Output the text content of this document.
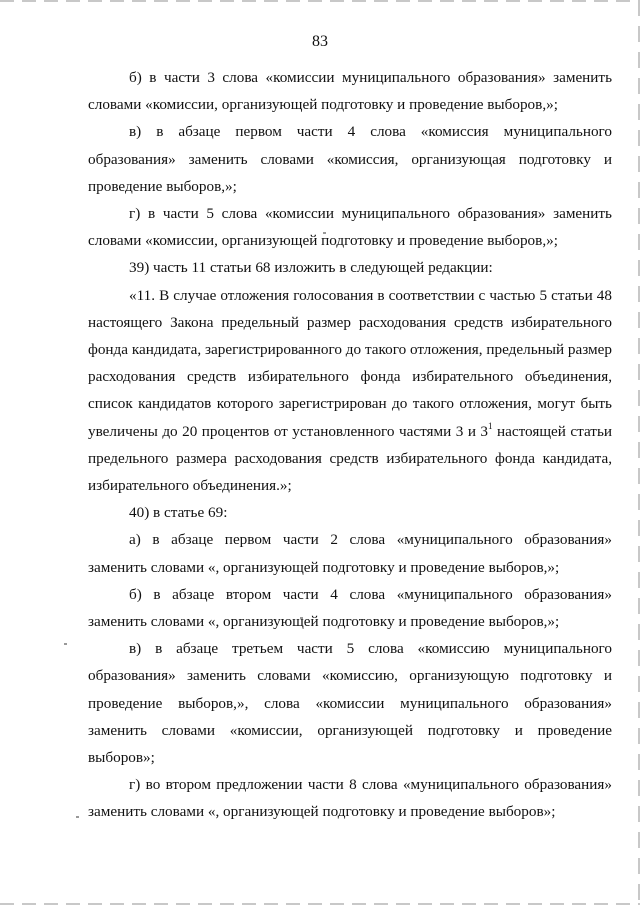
83

б) в части 3 слова «комиссии муниципального образования» заменить словами «комиссии, организующей подготовку и проведение выборов,»;

в) в абзаце первом части 4 слова «комиссия муниципального образования» заменить словами «комиссия, организующая подготовку и проведение выборов,»;

г) в части 5 слова «комиссии муниципального образования» заменить словами «комиссии, организующей подготовку и проведение выборов,»;

39) часть 11 статьи 68 изложить в следующей редакции:

«11. В случае отложения голосования в соответствии с частью 5 статьи 48 настоящего Закона предельный размер расходования средств избирательного фонда кандидата, зарегистрированного до такого отложения, предельный размер расходования средств избирательного фонда избирательного объединения, список кандидатов которого зарегистрирован до такого отложения, могут быть увеличены до 20 процентов от установленного частями 3 и $3^1$ настоящей статьи предельного размера расходования средств избирательного фонда кандидата, избирательного объединения.»;

40) в статье 69:

а) в абзаце первом части 2 слова «муниципального образования» заменить словами «, организующей подготовку и проведение выборов,»;

б) в абзаце втором части 4 слова «муниципального образования» заменить словами «, организующей подготовку и проведение выборов,»;

в) в абзаце третьем части 5 слова «комиссию муниципального образования» заменить словами «комиссию, организующую подготовку и проведение выборов,», слова «комиссии муниципального образования» заменить словами «комиссии, организующей подготовку и проведение выборов»;

г) во втором предложении части 8 слова «муниципального образования» заменить словами «, организующей подготовку и проведение выборов»;
